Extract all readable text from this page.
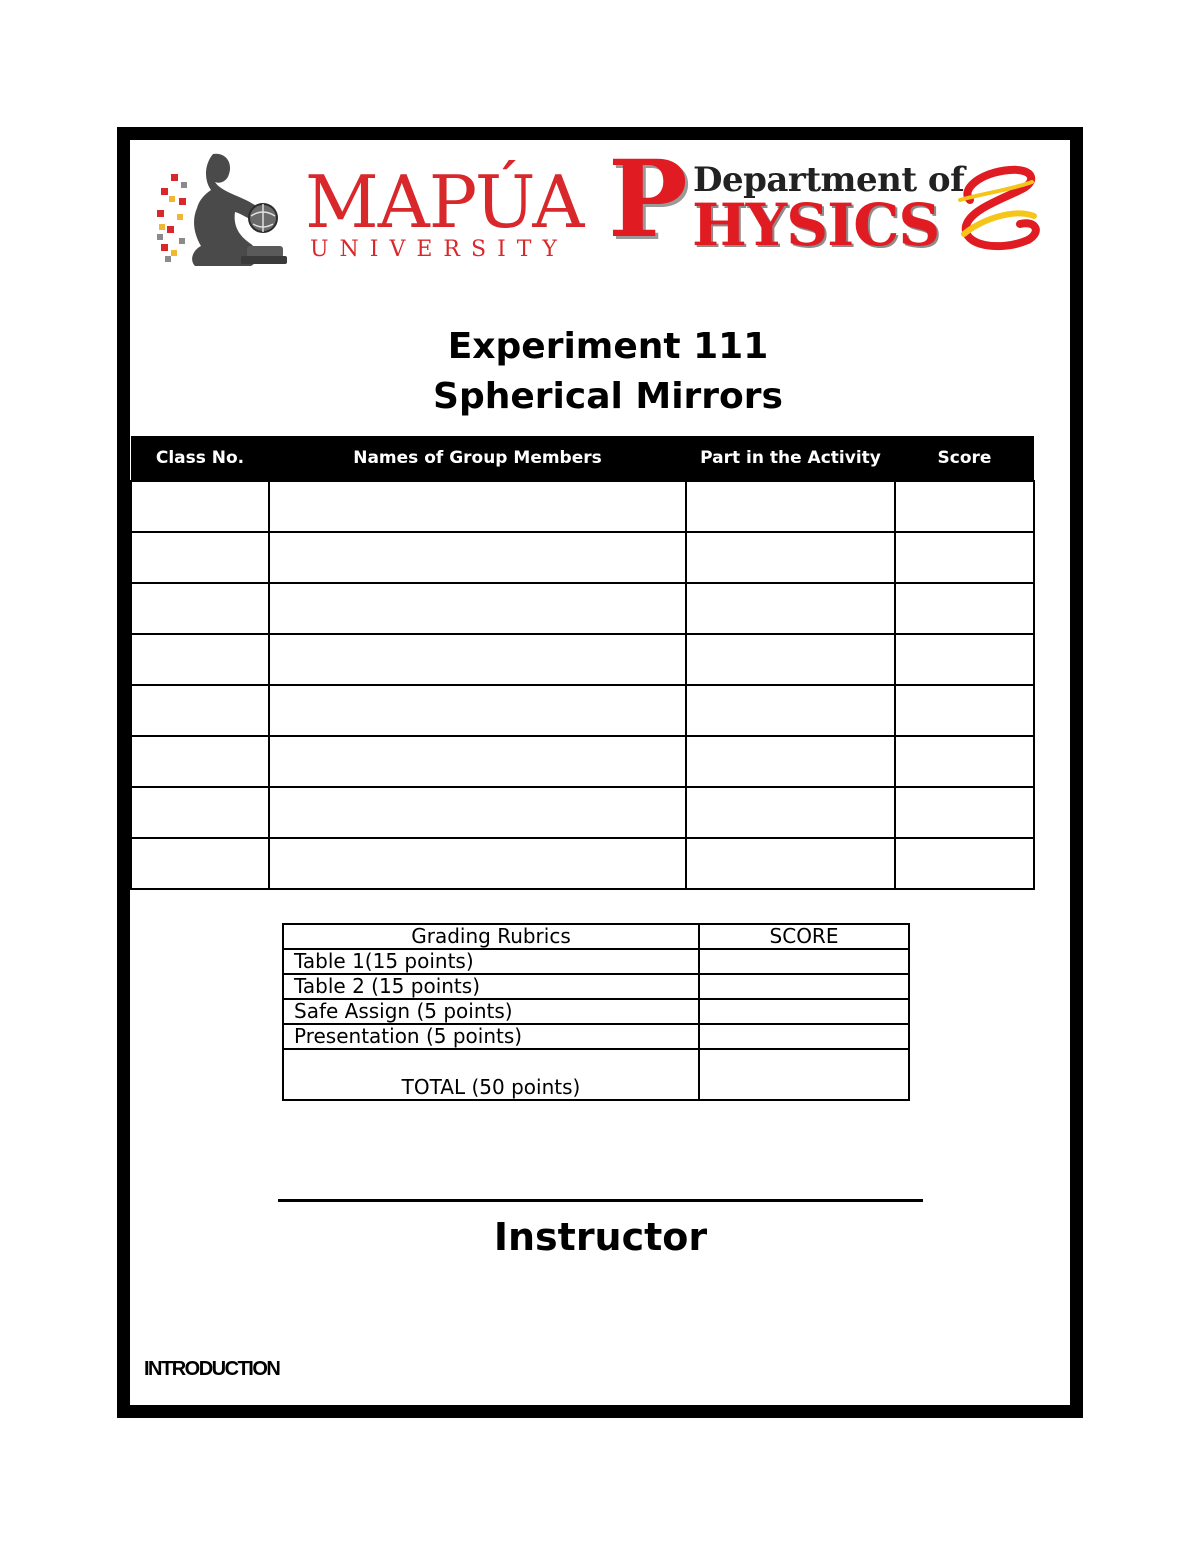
MAPÚA
UNIVERSITY P Department of
HYSICS
Experiment 111
Spherical Mirrors
Class No.	Names of Group Members	Part in the Activity	Score

Grading Rubrics	SCORE
Table 1(15 points)	
Table 2 (15 points)	
Safe Assign (5 points)	
Presentation (5 points)	
TOTAL (50 points)	
Instructor
INTRODUCTION
